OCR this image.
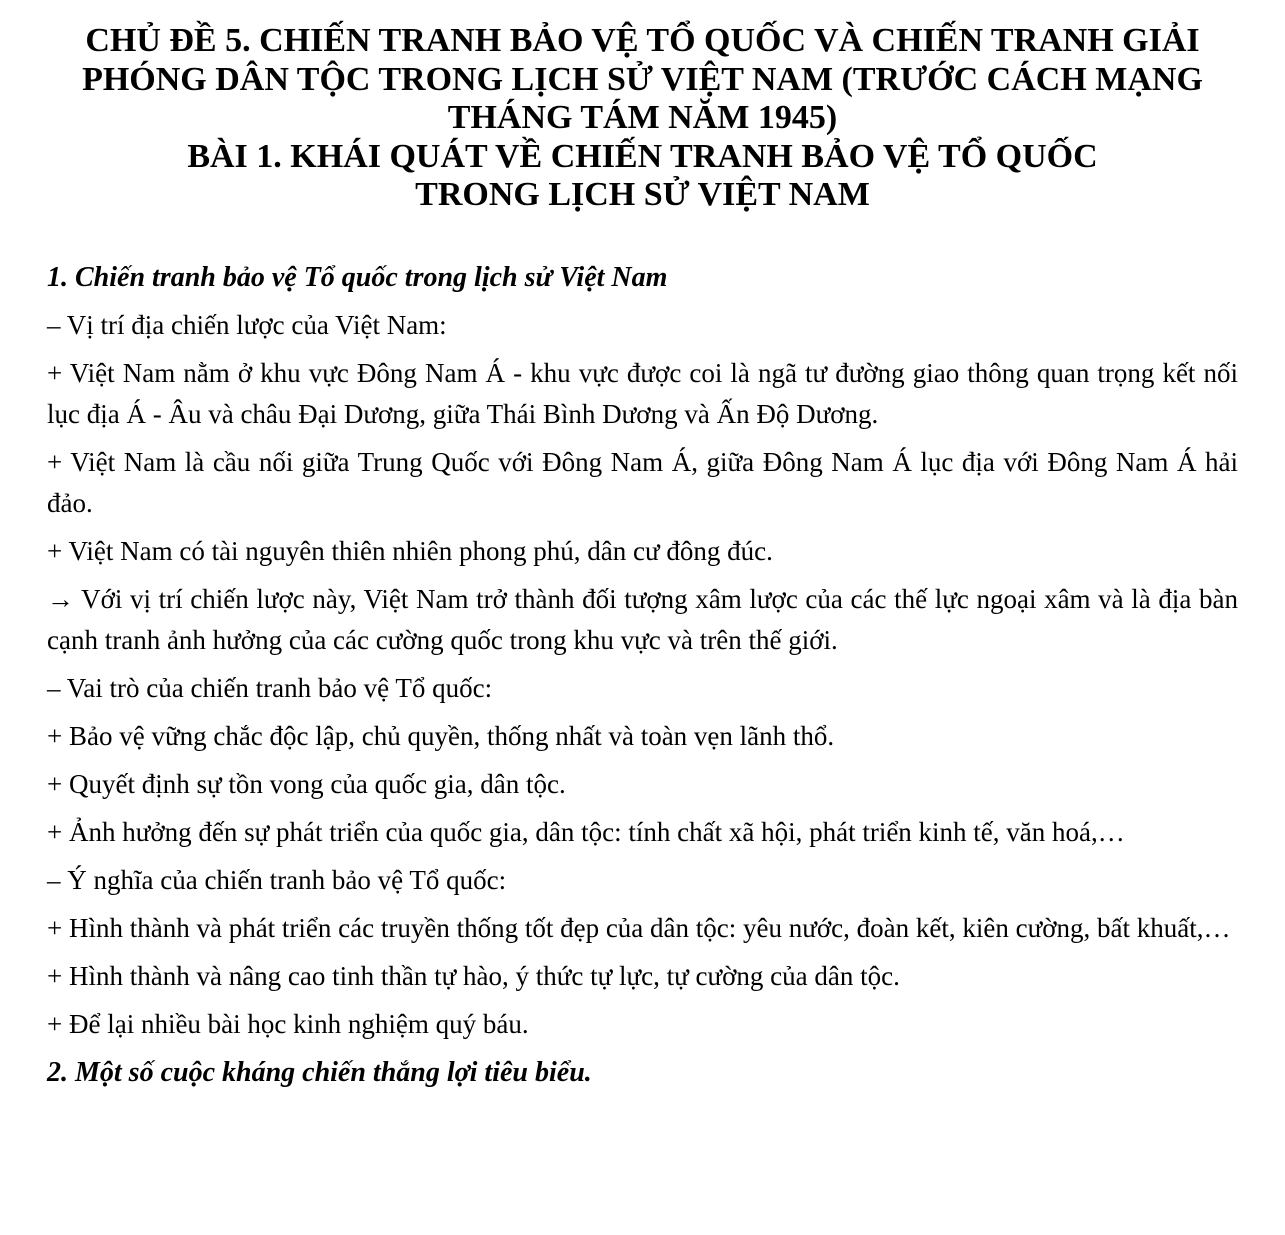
CHỦ ĐỀ 5. CHIẾN TRANH BẢO VỆ TỔ QUỐC VÀ CHIẾN TRANH GIẢI
PHÓNG DÂN TỘC TRONG LỊCH SỬ VIỆT NAM (TRƯỚC CÁCH MẠNG
THÁNG TÁM NĂM 1945)
BÀI 1. KHÁI QUÁT VỀ CHIẾN TRANH BẢO VỆ TỔ QUỐC
TRONG LỊCH SỬ VIỆT NAM
1. Chiến tranh bảo vệ Tổ quốc trong lịch sử Việt Nam

– Vị trí địa chiến lược của Việt Nam:

+ Việt Nam nằm ở khu vực Đông Nam Á - khu vực được coi là ngã tư đường giao thông quan trọng kết nối lục địa Á - Âu và châu Đại Dương, giữa Thái Bình Dương và Ấn Độ Dương.

+ Việt Nam là cầu nối giữa Trung Quốc với Đông Nam Á, giữa Đông Nam Á lục địa với Đông Nam Á hải đảo.

+ Việt Nam có tài nguyên thiên nhiên phong phú, dân cư đông đúc.

→ Với vị trí chiến lược này, Việt Nam trở thành đối tượng xâm lược của các thế lực ngoại xâm và là địa bàn cạnh tranh ảnh hưởng của các cường quốc trong khu vực và trên thế giới.

– Vai trò của chiến tranh bảo vệ Tổ quốc:

+ Bảo vệ vững chắc độc lập, chủ quyền, thống nhất và toàn vẹn lãnh thổ.

+ Quyết định sự tồn vong của quốc gia, dân tộc.

+ Ảnh hưởng đến sự phát triển của quốc gia, dân tộc: tính chất xã hội, phát triển kinh tế, văn hoá,…

– Ý nghĩa của chiến tranh bảo vệ Tổ quốc:

+ Hình thành và phát triển các truyền thống tốt đẹp của dân tộc: yêu nước, đoàn kết, kiên cường, bất khuất,…

+ Hình thành và nâng cao tinh thần tự hào, ý thức tự lực, tự cường của dân tộc.

+ Để lại nhiều bài học kinh nghiệm quý báu.

2. Một số cuộc kháng chiến thắng lợi tiêu biểu.
